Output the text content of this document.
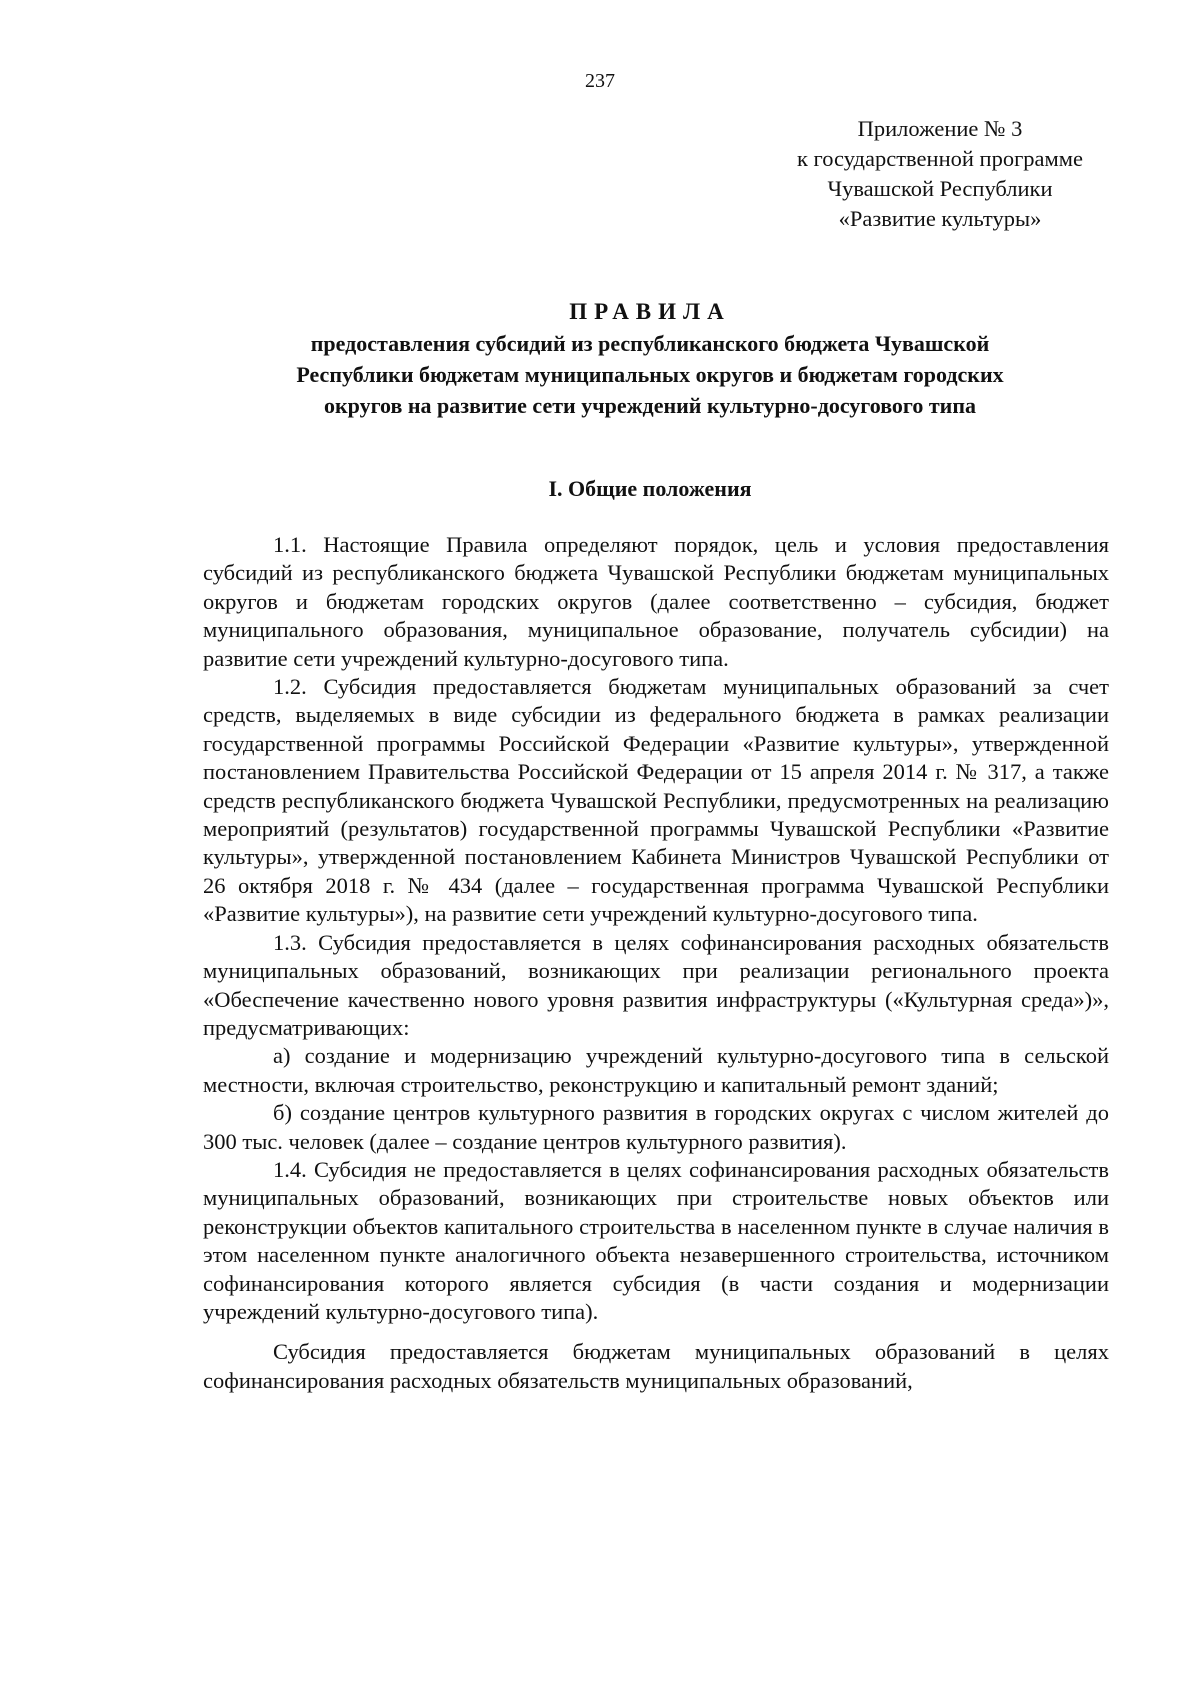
237
Приложение № 3
к государственной программе
Чувашской Республики
«Развитие культуры»
ПРАВИЛА
предоставления субсидий из республиканского бюджета Чувашской
Республики бюджетам муниципальных округов и бюджетам городских
округов на развитие сети учреждений культурно-досугового типа
I. Общие положения

1.1. Настоящие Правила определяют порядок, цель и условия предоставления субсидий из республиканского бюджета Чувашской Республики бюджетам муниципальных округов и бюджетам городских округов (далее соответственно – субсидия, бюджет муниципального образования, муниципальное образование, получатель субсидии) на развитие сети учреждений культурно-досугового типа.

1.2. Субсидия предоставляется бюджетам муниципальных образований за счет средств, выделяемых в виде субсидии из федерального бюджета в рамках реализации государственной программы Российской Федерации «Развитие культуры», утвержденной постановлением Правительства Российской Федерации от 15 апреля 2014 г. № 317, а также средств республиканского бюджета Чувашской Республики, предусмотренных на реализацию мероприятий (результатов) государственной программы Чувашской Республики «Развитие культуры», утвержденной постановлением Кабинета Министров Чувашской Республики от 26 октября 2018 г. № 434 (далее – государственная программа Чувашской Республики «Развитие культуры»), на развитие сети учреждений культурно-досугового типа.

1.3. Субсидия предоставляется в целях софинансирования расходных обязательств муниципальных образований, возникающих при реализации регионального проекта «Обеспечение качественно нового уровня развития инфраструктуры («Культурная среда»)», предусматривающих:

а) создание и модернизацию учреждений культурно-досугового типа в сельской местности, включая строительство, реконструкцию и капитальный ремонт зданий;

б) создание центров культурного развития в городских округах с числом жителей до 300 тыс. человек (далее – создание центров культурного развития).

1.4. Субсидия не предоставляется в целях софинансирования расходных обязательств муниципальных образований, возникающих при строительстве новых объектов или реконструкции объектов капитального строительства в населенном пункте в случае наличия в этом населенном пункте аналогичного объекта незавершенного строительства, источником софинансирования которого является субсидия (в части создания и модернизации учреждений культурно-досугового типа).

Субсидия предоставляется бюджетам муниципальных образований в целях софинансирования расходных обязательств муниципальных образований,
